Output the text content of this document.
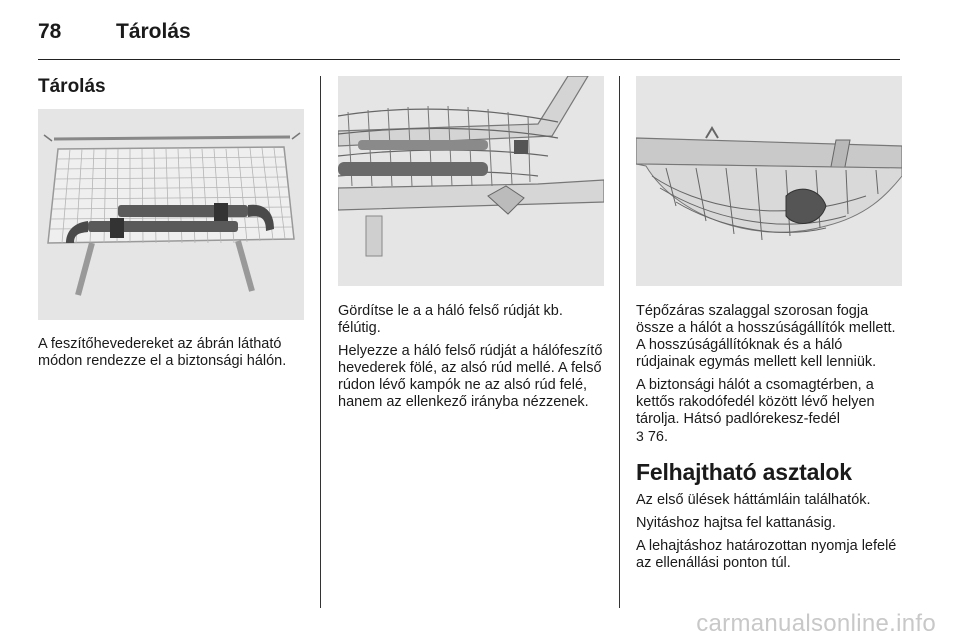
78	Tárolás
Tárolás

A feszítőhevedereket az ábrán látható módon rendezze el a biztonsági hálón.

Gördítse le a a háló felső rúdját kb. félútig.

Helyezze a háló felső rúdját a hálófeszítő hevederek fölé, az alsó rúd mellé. A felső rúdon lévő kampók ne az alsó rúd felé, hanem az ellenkező irányba nézzenek.

Tépőzáras szalaggal szorosan fogja össze a hálót a hosszúságállítók mellett. A hosszúságállítóknak és a háló rúdjainak egymás mellett kell lenniük.

A biztonsági hálót a csomagtérben, a kettős rakodófedél között lévő helyen tárolja. Hátsó padlórekesz-fedél
3 76.

Felhajtható asztalok

Az első ülések háttámláin találhatók.

Nyitáshoz hajtsa fel kattanásig.

A lehajtáshoz határozottan nyomja lefelé az ellenállási ponton túl.

carmanualsonline.info
